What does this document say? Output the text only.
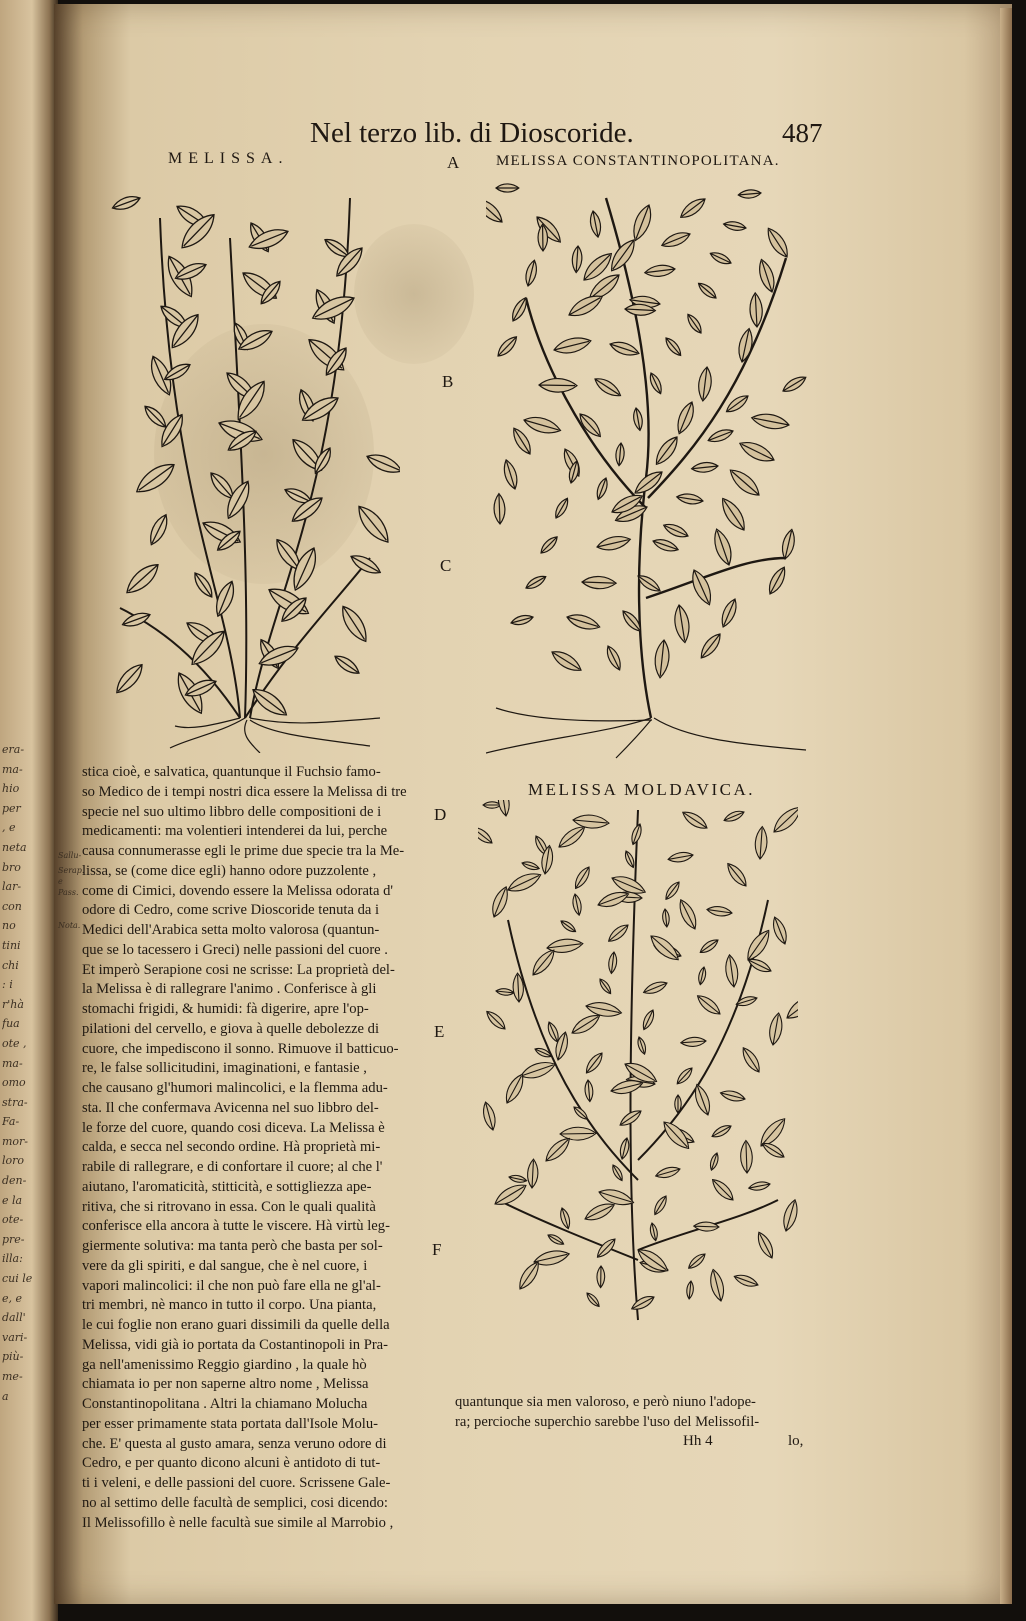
era-
ma-
hio
per
, e
neta
bro
lar-
con
no
tini
chi
: i
r'hà
fua
ote ,
ma-
omo
stra-
Fa-
mor-
loro
den-
e la
ote-
pre-
illa:
cui le
e, e
dall'
vari-
più-
me-
a
Nel terzo lib. di Dioscoride.	487
MELISSA.	MELISSA CONSTANTINOPOLITANA.
MELISSA MOLDAVICA.
A
B
C
D
E
F
Sallu-
Serap. e
Pass.
Nota.
stica cioè, e salvatica, quantunque il Fuchsio famo-
so Medico de i tempi nostri dica essere la Melissa di tre
specie nel suo ultimo libbro delle compositioni de i
medicamenti: ma volentieri intenderei da lui, perche
causa connumerasse egli le prime due specie tra la Me-
lissa, se (come dice egli) hanno odore puzzolente ,
come di Cimici, dovendo essere la Melissa odorata d'
odore di Cedro, come scrive Dioscoride tenuta da i
Medici dell'Arabica setta molto valorosa (quantun-
que se lo tacessero i Greci) nelle passioni del cuore .
Et imperò Serapione cosi ne scrisse: La proprietà del-
la Melissa è di rallegrare l'animo . Conferisce à gli
stomachi frigidi, & humidi: fà digerire, apre l'op-
pilationi del cervello, e giova à quelle debolezze di
cuore, che impediscono il sonno. Rimuove il batticuo-
re, le false sollicitudini, imaginationi, e fantasie ,
che causano gl'humori malincolici, e la flemma adu-
sta. Il che confermava Avicenna nel suo libbro del-
le forze del cuore, quando cosi diceva. La Melissa è
calda, e secca nel secondo ordine. Hà proprietà mi-
rabile di rallegrare, e di confortare il cuore; al che l'
aiutano, l'aromaticità, stitticità, e sottigliezza ape-
ritiva, che si ritrovano in essa. Con le quali qualità
conferisce ella ancora à tutte le viscere. Hà virtù leg-
giermente solutiva: ma tanta però che basta per sol-
vere da gli spiriti, e dal sangue, che è nel cuore, i
vapori malincolici: il che non può fare ella ne gl'al-
tri membri, nè manco in tutto il corpo. Una pianta,
le cui foglie non erano guari dissimili da quelle della
Melissa, vidi già io portata da Costantinopoli in Pra-
ga nell'amenissimo Reggio giardino , la quale hò
chiamata io per non saperne altro nome , Melissa
Constantinopolitana . Altri la chiamano Molucha
per esser primamente stata portata dall'Isole Molu-
che. E' questa al gusto amara, senza veruno odore di
Cedro, e per quanto dicono alcuni è antidoto di tut-
ti i veleni, e delle passioni del cuore. Scrissene Gale-
no al settimo delle facultà de semplici, cosi dicendo:
Il Melissofillo è nelle facultà sue simile al Marrobio ,
quantunque sia men valoroso, e però niuno l'adope-
ra; percioche superchio sarebbe l'uso del Melissofil-
Hh 4	lo,
